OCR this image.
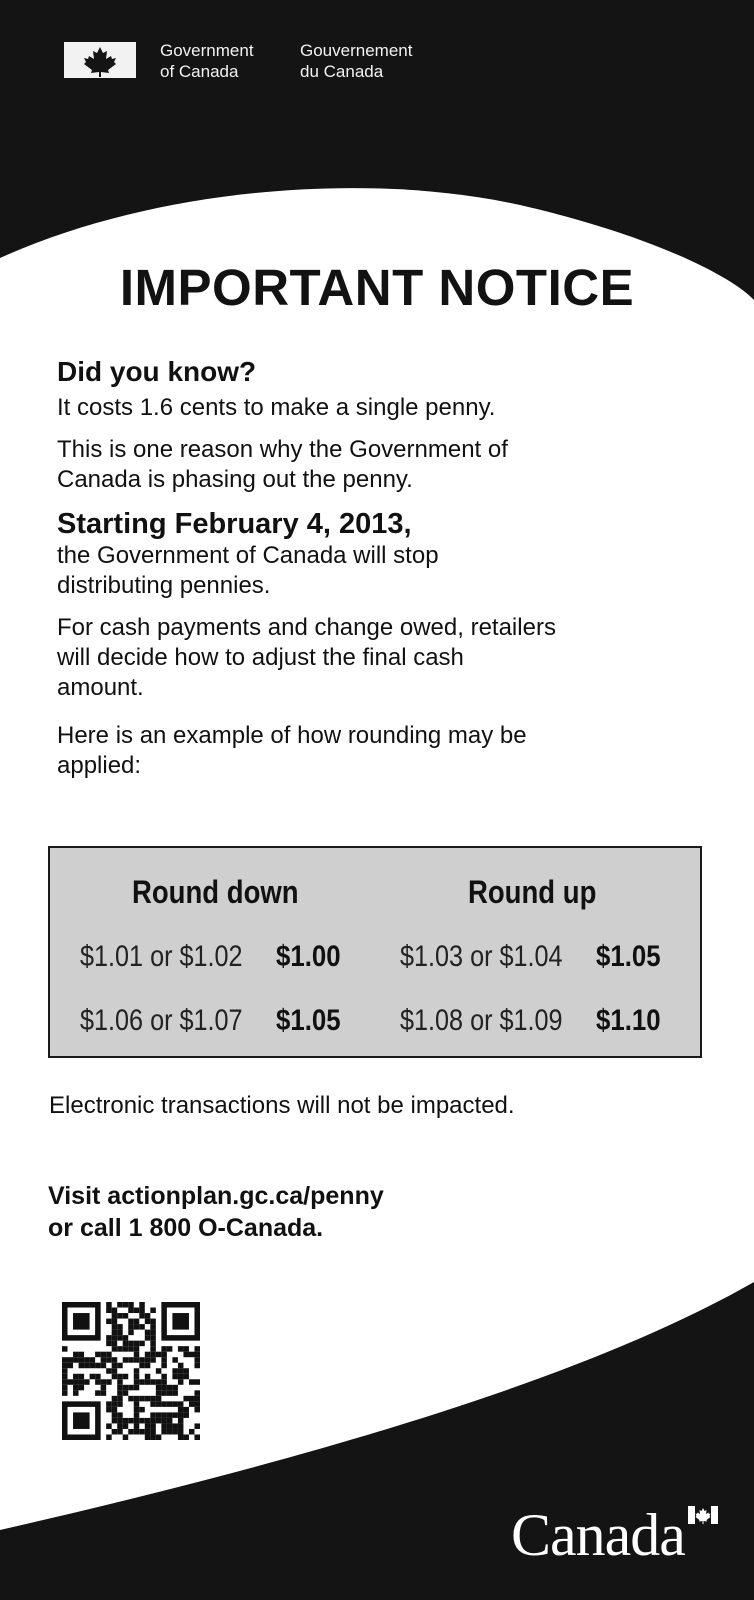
Government
of Canada
Gouvernement
du Canada
IMPORTANT NOTICE

Did you know?

It costs 1.6 cents to make a single penny.

This is one reason why the Government of Canada is phasing out the penny.

Starting February 4, 2013,

the Government of Canada will stop distributing pennies.

For cash payments and change owed, retailers will decide how to adjust the final cash amount.

Here is an example of how rounding may be applied:

Round down
$1.01 or $1.02 $1.00
$1.06 or $1.07 $1.05
Round up
$1.03 or $1.04 $1.05
$1.08 or $1.09 $1.10
Electronic transactions will not be impacted.
Visit actionplan.gc.ca/penny
or call 1 800 O-Canada.
Canada
